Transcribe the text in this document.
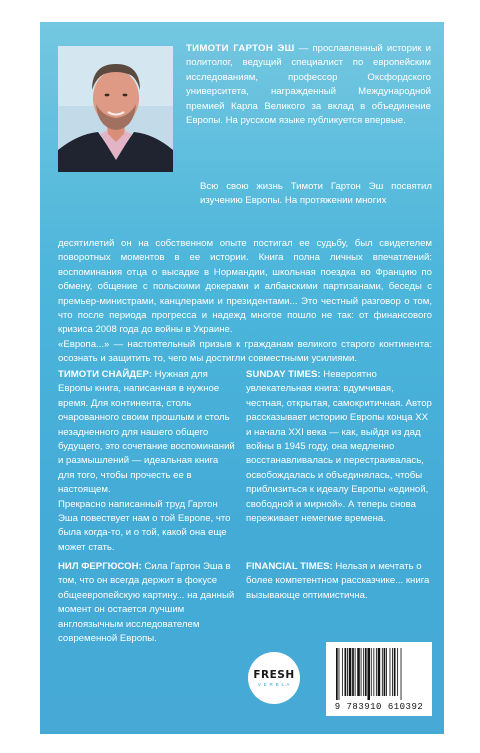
ТИМОТИ ГАРТОН ЭШ — прославленный историк и политолог, ведущий специалист по европейским исследованиям, профессор Оксфордского университета, награжденный Международной премией Карла Великого за вклад в объединение Европы. На русском языке публикуется впервые.
Всю свою жизнь Тимоти Гартон Эш посвятил изучению Европы. На протяжении многих

десятилетий он на собственном опыте постигал ее судьбу, был свидетелем поворотных моментов в ее истории. Книга полна личных впечатлений: воспоминания отца о высадке в Нормандии, школьная поездка во Францию по обмену, общение с польскими докерами и албанскими партизанами, беседы с премьер-министрами, канцлерами и президентами... Это честный разговор о том, что после периода прогресса и надежд многое пошло не так: от финансового кризиса 2008 года до войны в Украине.

«Европа...» — настоятельный призыв к гражданам великого старого континента: осознать и защитить то, чего мы достигли совместными усилиями.

ТИМОТИ СНАЙДЕР: Нужная для Европы книга, написанная в нужное время. Для континента, столь очарованного своим прошлым и столь незадненного для нашего общего будущего, это сочетание воспоминаний и размышлений — идеальная книга для того, чтобы прочесть ее в настоящем.

Прекрасно написанный труд Гартон Эша повествует нам о той Европе, что была когда-то, и о той, какой она еще может стать.

SUNDAY TIMES: Невероятно увлекательная книга: вдумчивая, честная, открытая, самокритичная. Автор рассказывает историю Европы конца XX и начала XXI века — как, выйдя из дад войны в 1945 году, она медленно восстанавливалась и перестраивалась, освобождалась и объединялась, чтобы приблизиться к идеалу Европы «единой, свободной и мирной». А теперь снова переживает немегкие времена.

НИЛ ФЕРГЮСОН: Сила Гартон Эша в том, что он всегда держит в фокусе общеевропейскую картину... на данный момент он остается лучшим англоязычным исследователем современной Европы.

FINANCIAL TIMES: Нельзя и мечтать о более компетентном рассказчике... книга вызывающе оптимистична.

FRESH
V E R B L A
9 783910 610392
